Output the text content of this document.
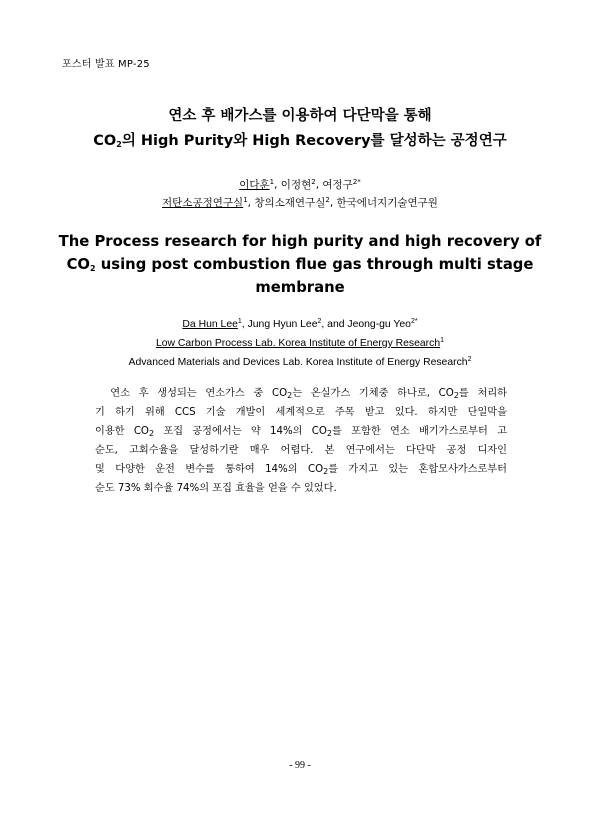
포스터 발표 MP-25
연소 후 배가스를 이용하여 다단막을 통해
$CO_2$의 High Purity와 High Recovery를 달성하는 공정연구
이다훈$^1$, 이정현$^2$, 여정구$^{2*}$
저탄소공정연구실$^1$, 창의소재연구실$^2$, 한국에너지기술연구원
The Process research for high purity and high recovery of
$CO_2$ using post combustion flue gas through multi stage
membrane
Da Hun Lee$^1$, Jung Hyun Lee$^2$, and Jeong-gu Yeo$^{2*}$
Low Carbon Process Lab. Korea Institute of Energy Research$^1$
Advanced Materials and Devices Lab. Korea Institute of Energy Research$^2$
  연소 후 생성되는 연소가스 중 $CO_2$는 온실가스 기체중 하나로, $CO_2$를 처리하
기 하기 위해 CCS 기술 개발이 세계적으로 주목 받고 있다. 하지만 단일막을
이용한 $CO_2$ 포집 공정에서는 약 14%의 $CO_2$를 포함한 연소 배기가스로부터 고
순도, 고회수율을 달성하기란 매우 어렵다. 본 연구에서는 다단막 공정 디자인
및 다양한 운전 변수를 통하여 14%의 $CO_2$를 가지고 있는 혼합모사가스로부터
순도 73% 회수율 74%의 포집 효율을 얻을 수 있었다.
- 99 -
